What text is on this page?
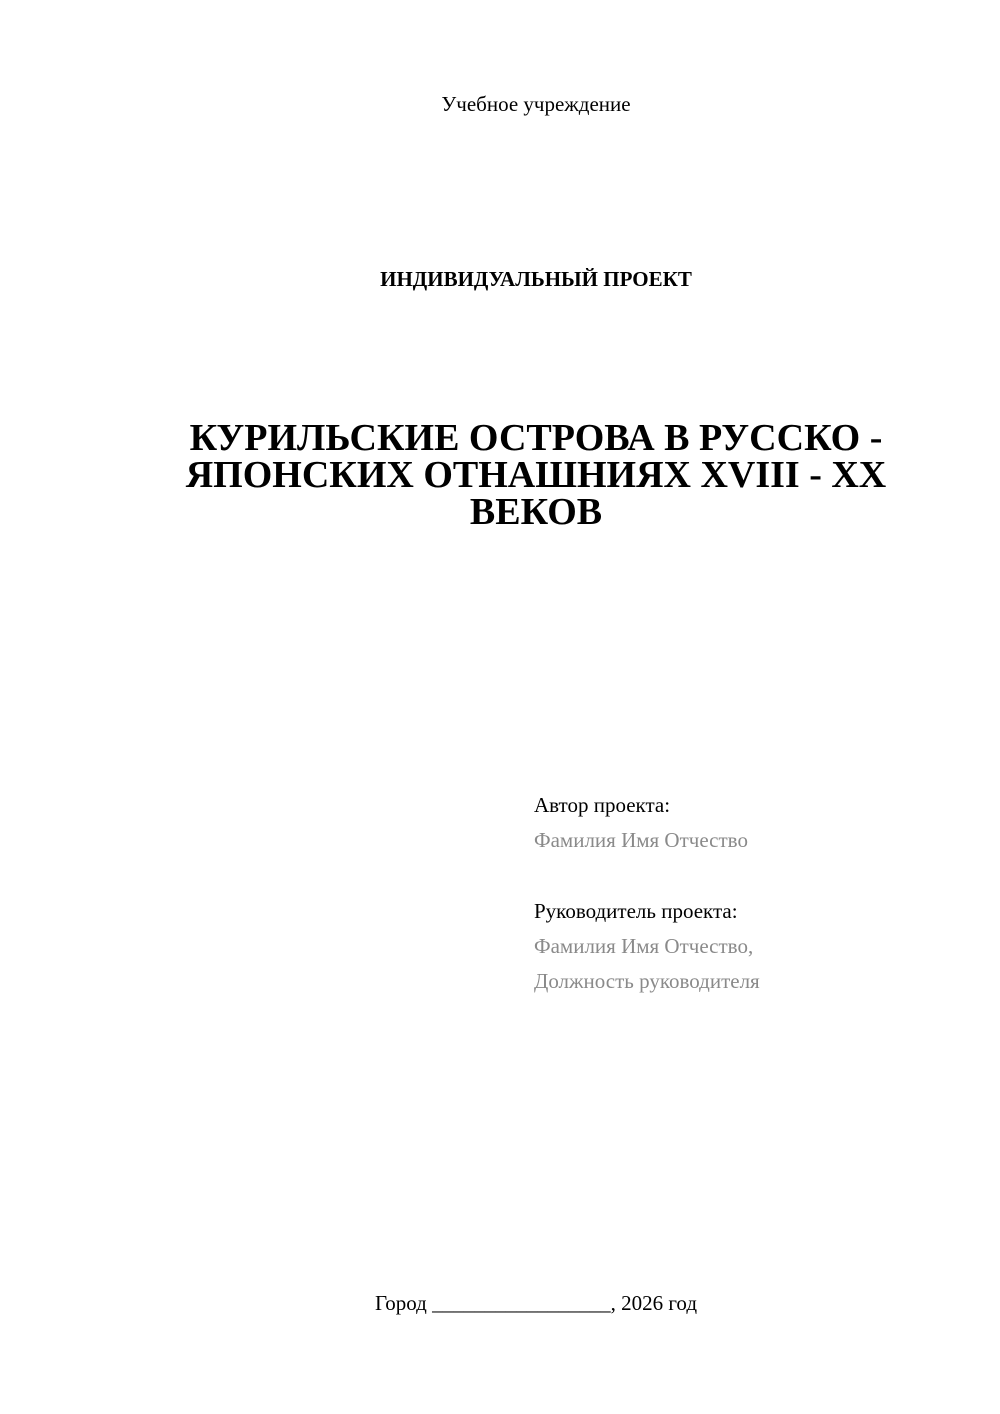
Учебное учреждение
ИНДИВИДУАЛЬНЫЙ ПРОЕКТ
КУРИЛЬСКИЕ ОСТРОВА В РУССКО -
ЯПОНСКИХ ОТНАШНИЯХ XVIII - XX
ВЕКОВ
Автор проекта:
Фамилия Имя Отчество
Руководитель проекта:
Фамилия Имя Отчество,
Должность руководителя
Город _________________, 2026 год
